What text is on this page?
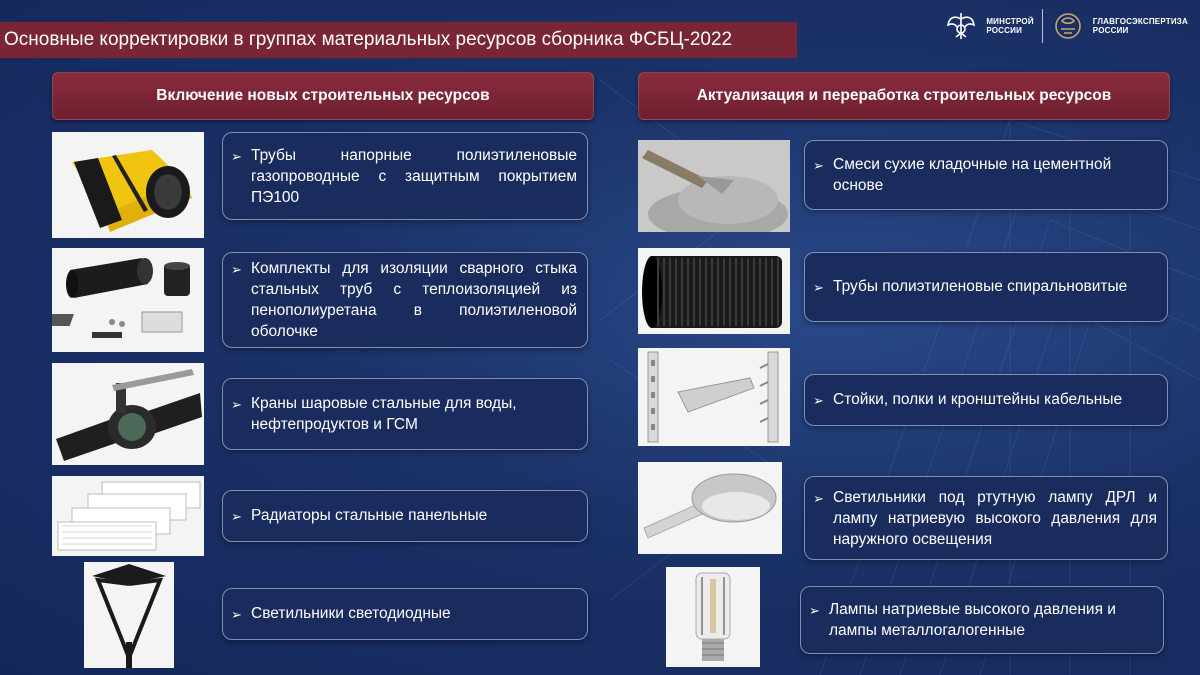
Основные корректировки в группах материальных ресурсов сборника ФСБЦ-2022
МИНСТРОЙ
РОССИИ
ГЛАВГОСЭКСПЕРТИЗА
РОССИИ
Включение новых строительных ресурсов	Актуализация и переработка строительных ресурсов
➢ Трубы напорные полиэтиленовые газопроводные с защитным покрытием ПЭ100
➢ Комплекты для изоляции сварного стыка стальных труб с теплоизоляцией из пенополиуретана в полиэтиленовой оболочке
➢ Краны шаровые стальные для воды, нефтепродуктов и ГСМ
➢ Радиаторы стальные панельные
➢ Светильники светодиодные
➢ Смеси сухие кладочные на цементной основе
➢ Трубы полиэтиленовые спиральновитые
➢ Стойки, полки и кронштейны кабельные
➢ Светильники под ртутную лампу ДРЛ и лампу натриевую высокого давления для наружного освещения
➢ Лампы натриевые высокого давления и лампы металлогалогенные
